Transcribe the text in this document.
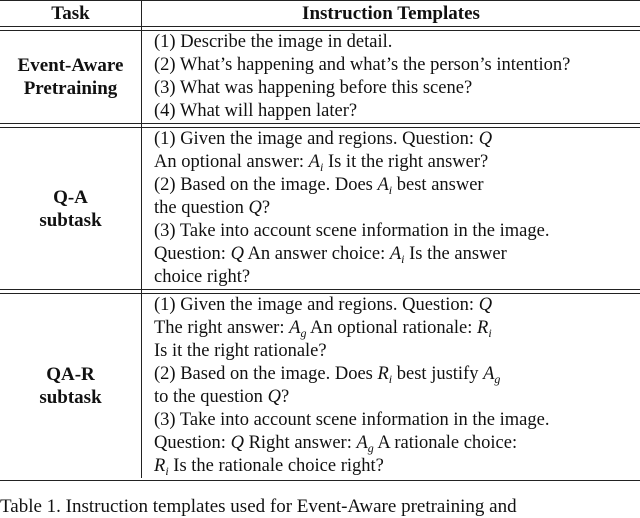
Task	Instruction Templates
Event-Aware
Pretraining
(1) Describe the image in detail.
(2) What’s happening and what’s the person’s intention?
(3) What was happening before this scene?
(4) What will happen later?
Q-A
subtask
(1) Given the image and regions. Question: Q
An optional answer: $A_i$ Is it the right answer?
(2) Based on the image. Does $A_i$ best answer
the question Q?
(3) Take into account scene information in the image.
Question: Q An answer choice: $A_i$ Is the answer
choice right?
QA-R
subtask
(1) Given the image and regions. Question: Q
The right answer: $A_g$ An optional rationale: $R_i$
Is it the right rationale?
(2) Based on the image. Does $R_i$ best justify $A_g$
to the question Q?
(3) Take into account scene information in the image.
Question: Q Right answer: $A_g$ A rationale choice:
$R_i$ Is the rationale choice right?
Table 1. Instruction templates used for Event-Aware pretraining and
